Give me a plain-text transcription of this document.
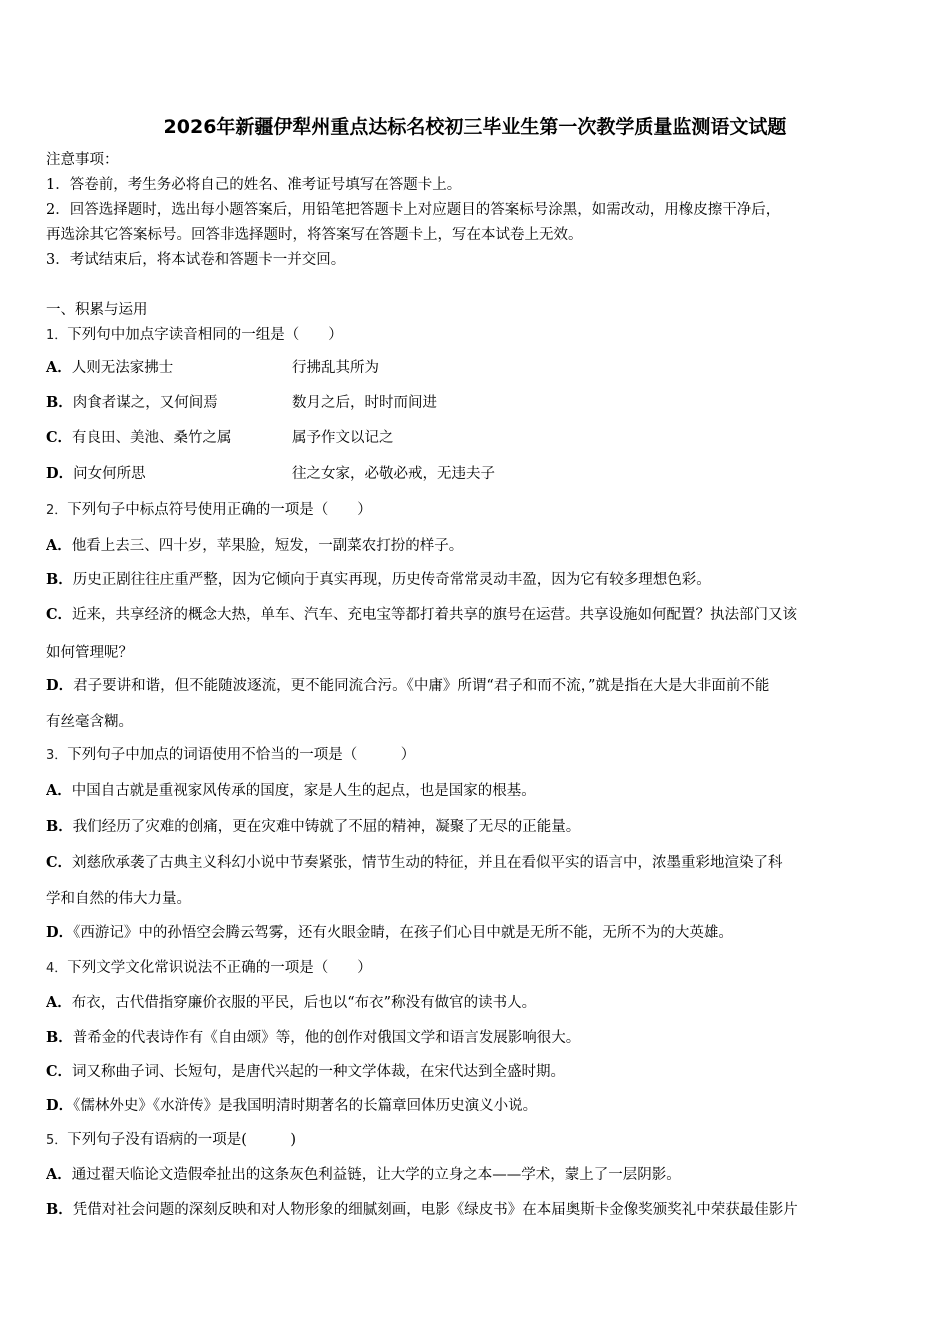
2026年新疆伊犁州重点达标名校初三毕业生第一次教学质量监测语文试题
注意事项：
1．答卷前，考生务必将自己的姓名、准考证号填写在答题卡上。
2．回答选择题时，选出每小题答案后，用铅笔把答题卡上对应题目的答案标号涂黑，如需改动，用橡皮擦干净后，
再选涂其它答案标号。回答非选择题时，将答案写在答题卡上，写在本试卷上无效。
3．考试结束后，将本试卷和答题卡一并交回。
一、积累与运用
1．下列句中加点字读音相同的一组是（　　）
A．人则无法家拂士	行拂乱其所为
B．肉食者谋之，又何间焉	数月之后，时时而间进
C．有良田、美池、桑竹之属	属予作文以记之
D．问女何所思	往之女家，必敬必戒，无违夫子
2．下列句子中标点符号使用正确的一项是（　　）
A．他看上去三、四十岁，苹果脸，短发，一副菜农打扮的样子。
B．历史正剧往往庄重严整，因为它倾向于真实再现，历史传奇常常灵动丰盈，因为它有较多理想色彩。
C．近来，共享经济的概念大热，单车、汽车、充电宝等都打着共享的旗号在运营。共享设施如何配置？执法部门又该
如何管理呢？
D．君子要讲和谐，但不能随波逐流，更不能同流合污。《中庸》所谓“君子和而不流，”就是指在大是大非面前不能
有丝毫含糊。
3．下列句子中加点的词语使用不恰当的一项是（　　　）
A．中国自古就是重视家风传承的国度，家是人生的起点，也是国家的根基。
B．我们经历了灾难的创痛，更在灾难中铸就了不屈的精神，凝聚了无尽的正能量。
C．刘慈欣承袭了古典主义科幻小说中节奏紧张，情节生动的特征，并且在看似平实的语言中，浓墨重彩地渲染了科
学和自然的伟大力量。
D．《西游记》中的孙悟空会腾云驾雾，还有火眼金睛，在孩子们心目中就是无所不能，无所不为的大英雄。
4．下列文学文化常识说法不正确的一项是（　　）
A．布衣，古代借指穿廉价衣服的平民，后也以“布衣”称没有做官的读书人。
B．普希金的代表诗作有《自由颂》等，他的创作对俄国文学和语言发展影响很大。
C．词又称曲子词、长短句，是唐代兴起的一种文学体裁，在宋代达到全盛时期。
D．《儒林外史》《水浒传》是我国明清时期著名的长篇章回体历史演义小说。
5．下列句子没有语病的一项是(　　　)
A．通过翟天临论文造假牵扯出的这条灰色利益链，让大学的立身之本——学术，蒙上了一层阴影。
B．凭借对社会问题的深刻反映和对人物形象的细腻刻画，电影《绿皮书》在本届奥斯卡金像奖颁奖礼中荣获最佳影片
